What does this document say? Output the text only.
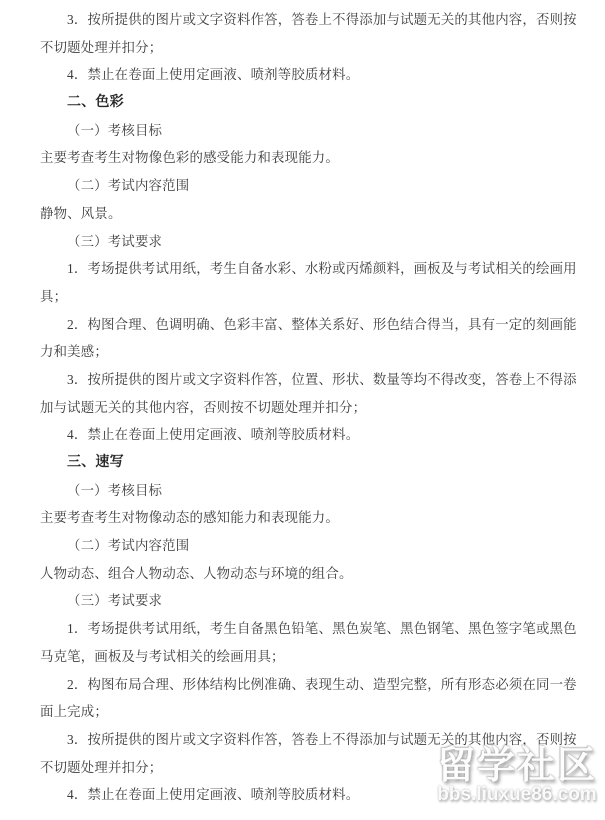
3．按所提供的图片或文字资料作答，答卷上不得添加与试题无关的其他内容，否则按
不切题处理并扣分；
4．禁止在卷面上使用定画液、喷剂等胶质材料。
二、色彩
（一）考核目标
主要考查考生对物像色彩的感受能力和表现能力。
（二）考试内容范围
静物、风景。
（三）考试要求
1．考场提供考试用纸，考生自备水彩、水粉或丙烯颜料，画板及与考试相关的绘画用
具；
2．构图合理、色调明确、色彩丰富、整体关系好、形色结合得当，具有一定的刻画能
力和美感；
3．按所提供的图片或文字资料作答，位置、形状、数量等均不得改变，答卷上不得添
加与试题无关的其他内容，否则按不切题处理并扣分；
4．禁止在卷面上使用定画液、喷剂等胶质材料。
三、速写
（一）考核目标
主要考查考生对物像动态的感知能力和表现能力。
（二）考试内容范围
人物动态、组合人物动态、人物动态与环境的组合。
（三）考试要求
1．考场提供考试用纸，考生自备黑色铅笔、黑色炭笔、黑色钢笔、黑色签字笔或黑色
马克笔，画板及与考试相关的绘画用具；
2．构图布局合理、形体结构比例准确、表现生动、造型完整，所有形态必须在同一卷
面上完成；
3．按所提供的图片或文字资料作答，答卷上不得添加与试题无关的其他内容，否则按
不切题处理并扣分；
4．禁止在卷面上使用定画液、喷剂等胶质材料。
留学社区
bbs.liuxue86.com
